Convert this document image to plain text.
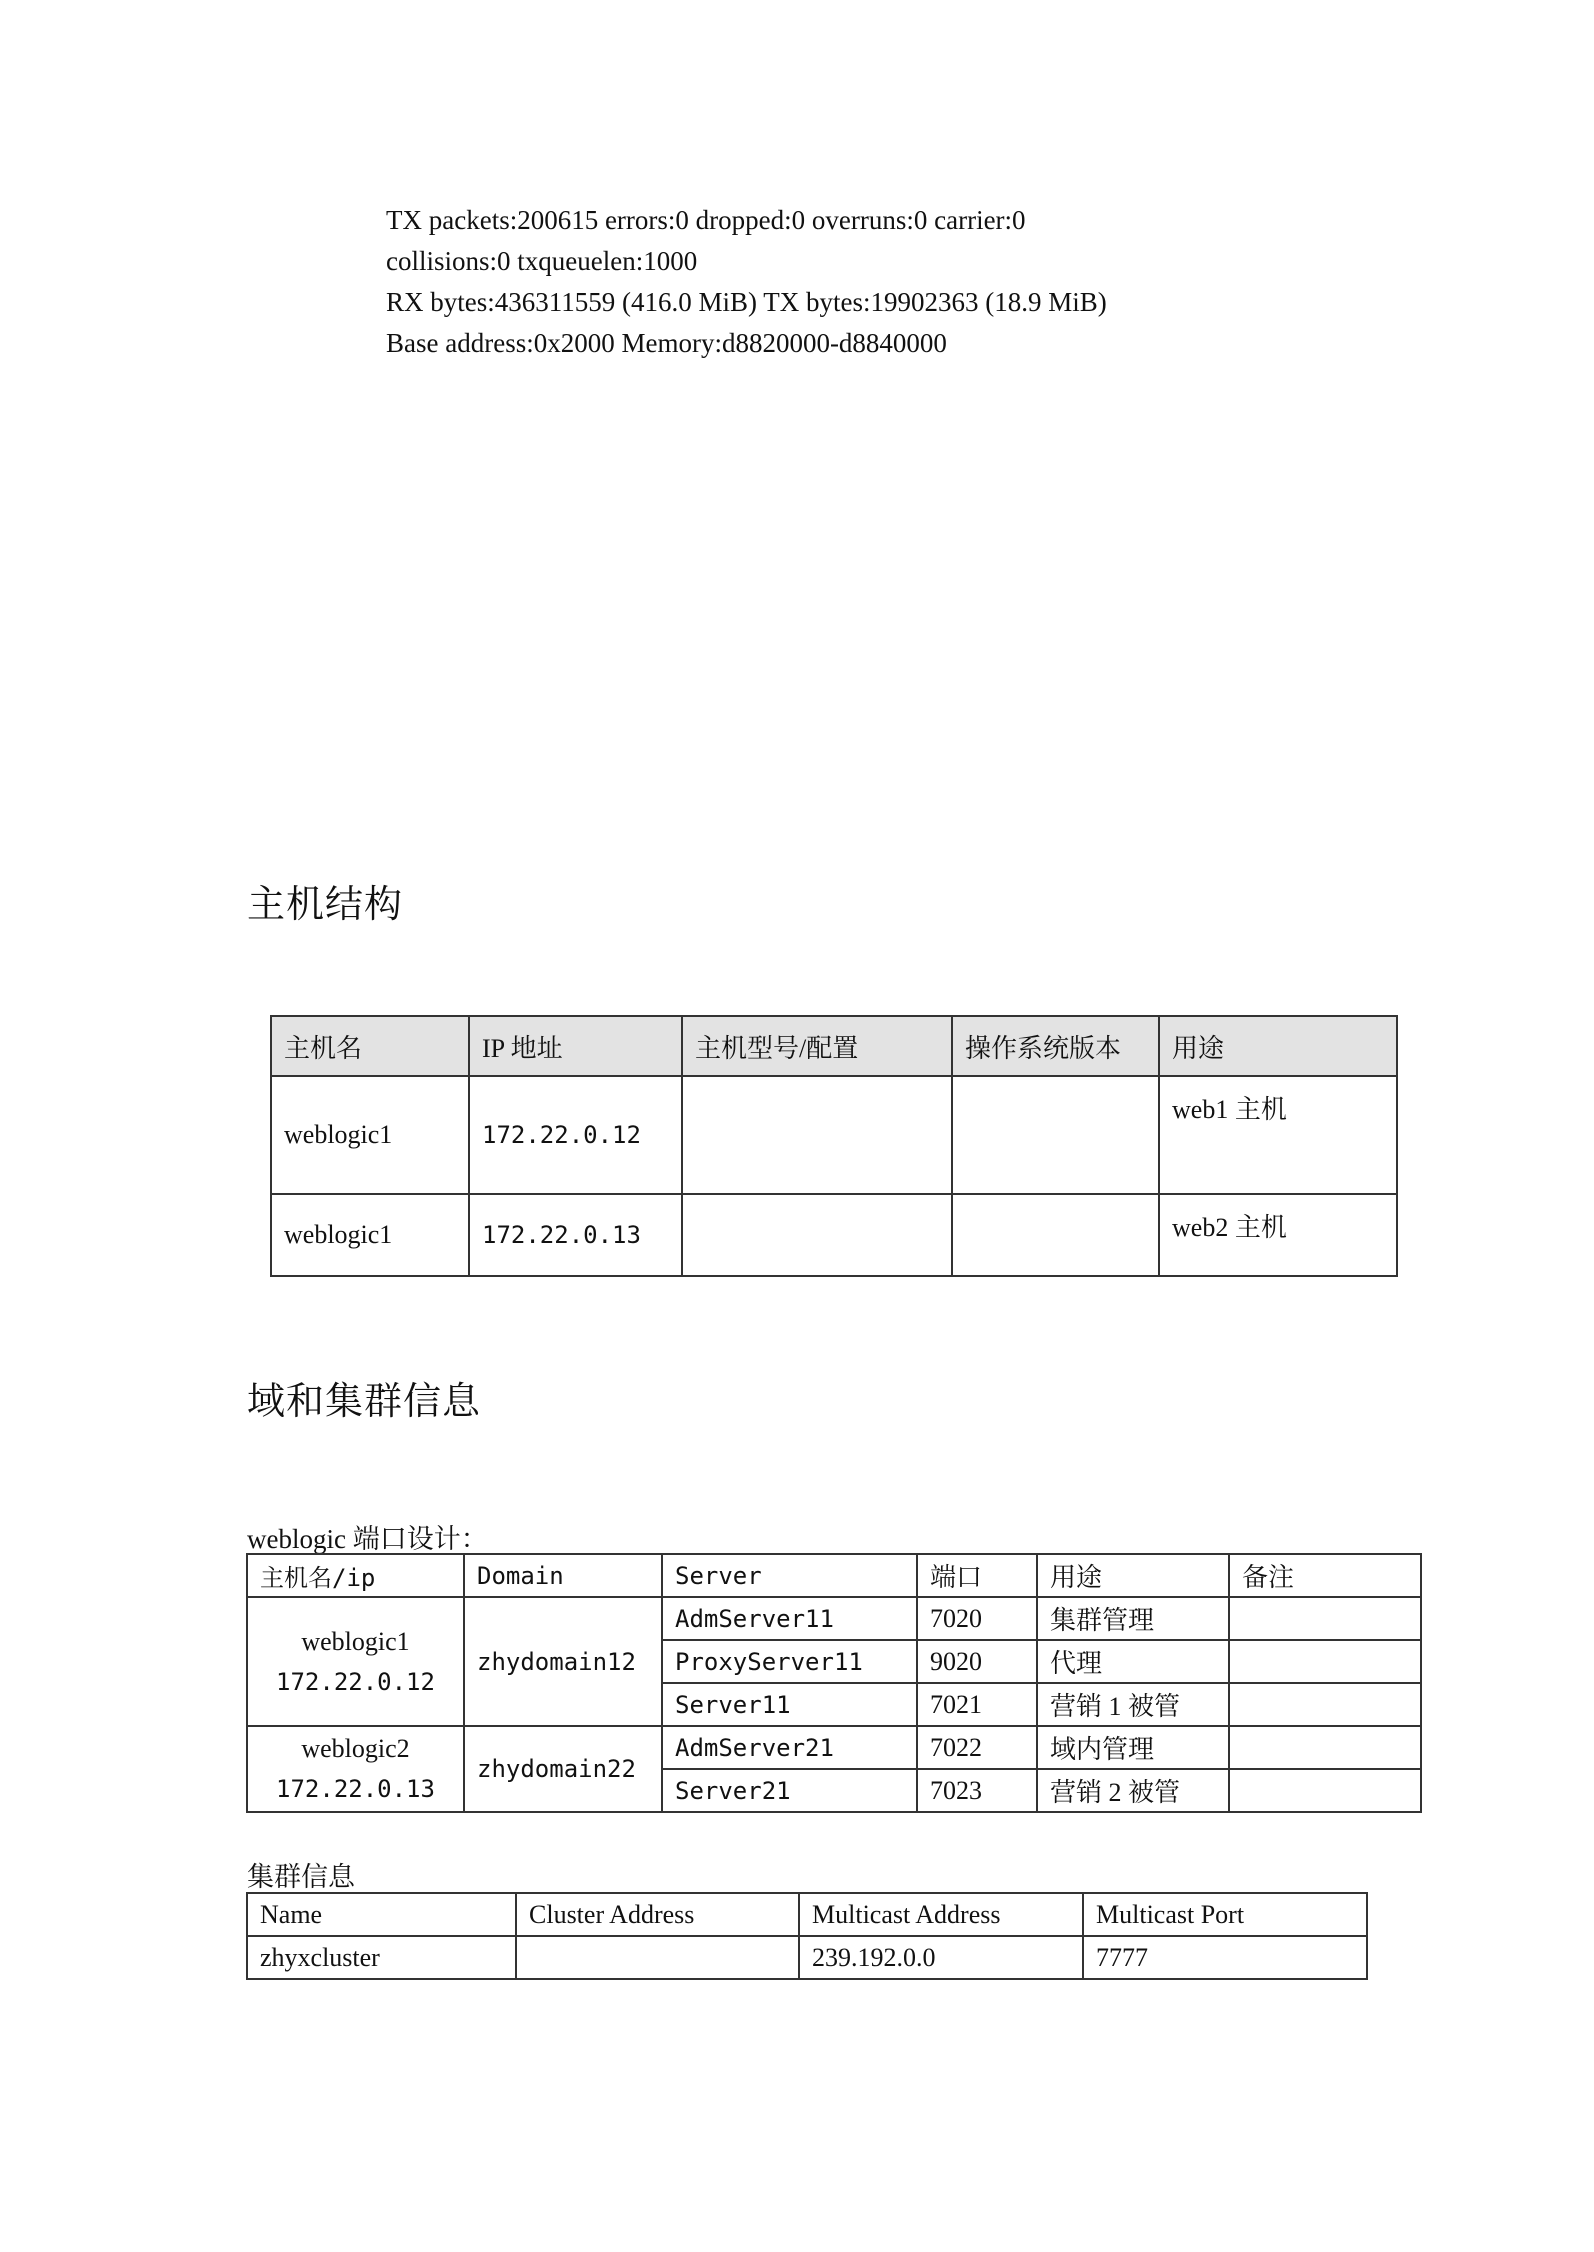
TX packets:200615 errors:0 dropped:0 overruns:0 carrier:0
collisions:0 txqueuelen:1000
RX bytes:436311559 (416.0 MiB) TX bytes:19902363 (18.9 MiB)
Base address:0x2000 Memory:d8820000-d8840000
主机结构
主机名	IP 地址	主机型号/配置	操作系统版本	用途
weblogic1	172.22.0.12			web1 主机
weblogic1	172.22.0.13			web2 主机
域和集群信息
weblogic 端口设计：
主机名/ip	Domain	Server	端口	用途	备注

weblogic1
172.22.0.12	zhydomain12	AdmServer11	7020	集群管理	
		ProxyServer11	9020	代理	
		Server11	7021	营销 1 被管	

weblogic2
172.22.0.13	zhydomain22	AdmServer21	7022	域内管理	
		Server21	7023	营销 2 被管	
集群信息
Name	Cluster Address	Multicast Address	Multicast Port
zhyxcluster		239.192.0.0	7777
